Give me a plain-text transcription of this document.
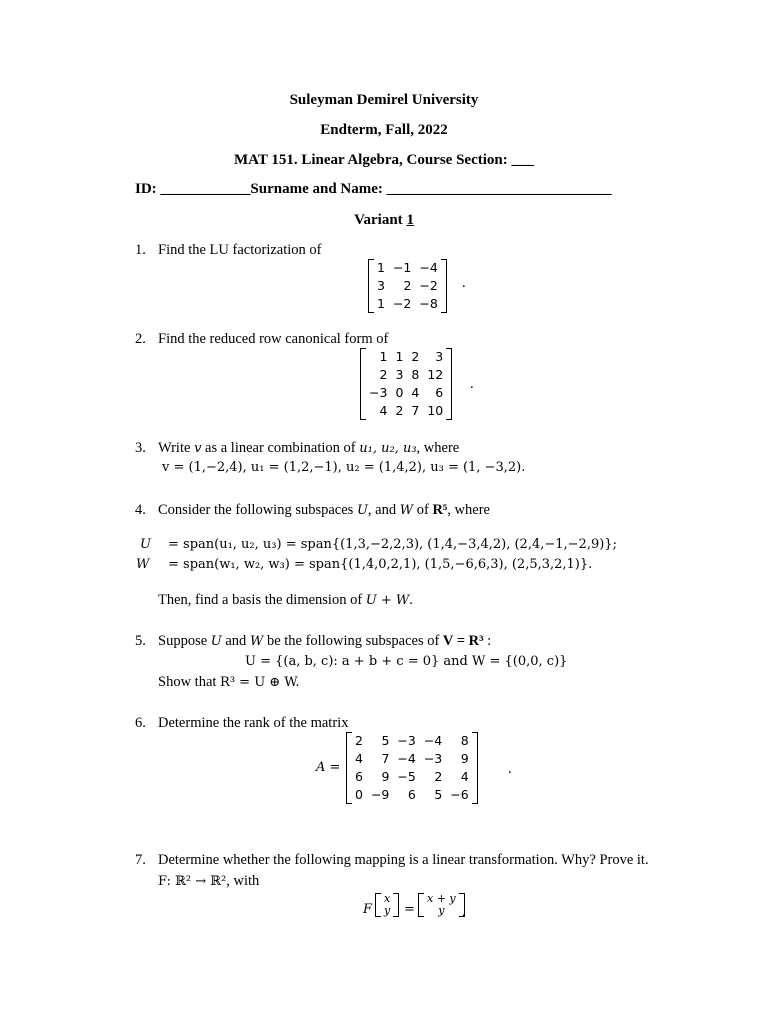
Suleyman Demirel University
Endterm, Fall, 2022
MAT 151. Linear Algebra, Course Section: ___
ID: ____________Surname and Name: ______________________________
Variant 1
1. Find the LU factorization of
1	−1	−4
3	2	−2
1	−2	−8
.
2. Find the reduced row canonical form of
1	1	2	3
2	3	8	12
−3	0	4	6
4	2	7	10
.
3. Write v as a linear combination of u₁, u₂, u₃, where
v = (1,−2,4), u₁ = (1,2,−1), u₂ = (1,4,2), u₃ = (1, −3,2).
4. Consider the following subspaces U, and W of R⁵, where
U = span(u₁, u₂, u₃) = span{(1,3,−2,2,3), (1,4,−3,4,2), (2,4,−1,−2,9)};
W = span(w₁, w₂, w₃) = span{(1,4,0,2,1), (1,5,−6,6,3), (2,5,3,2,1)}.
Then, find a basis the dimension of U + W.
5. Suppose U and W be the following subspaces of V = R³ :
U = {(a, b, c): a + b + c = 0} and W = {(0,0, c)}
Show that R³ = U ⊕ W.
6. Determine the rank of the matrix
A =
2	5	−3	−4	8
4	7	−4	−3	9
6	9	−5	2	4
0	−9	6	5	−6
.
7. Determine whether the following mapping is a linear transformation. Why? Prove it.
F: ℝ² → ℝ², with
F
x
y =
x + y
y .
